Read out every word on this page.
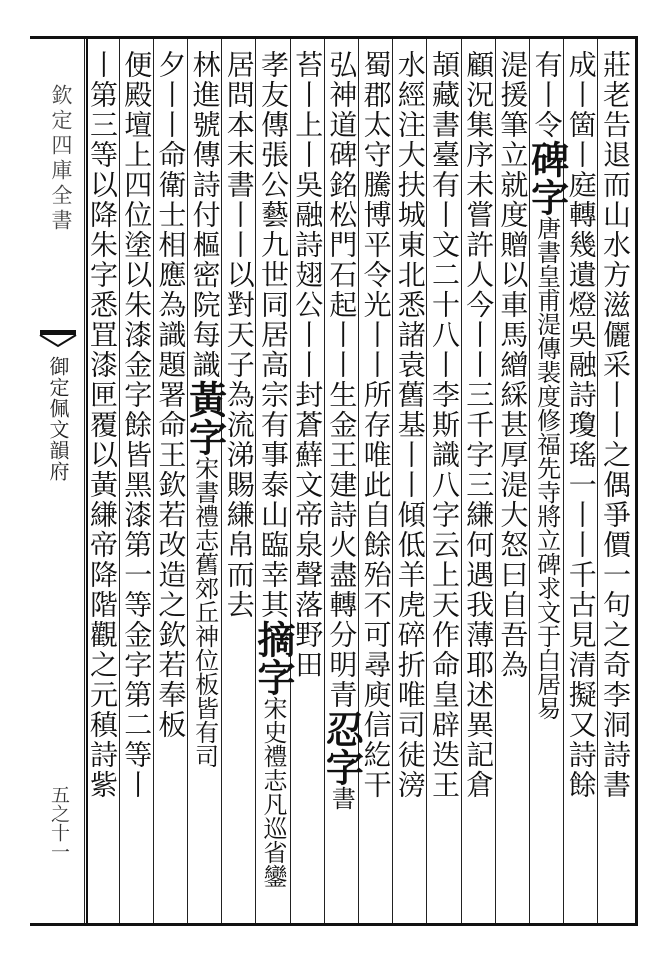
欽定四庫全書
御定佩文韻府
五之十一
莊老告退而山水方滋儷采丨丨之偶爭價一句之奇李洞詩書
成丨箇丨庭轉幾遺燈吳融詩瓊瑤一丨丨千古見清擬又詩餘
有丨令碑字唐書皇甫湜傳裴度修福先寺將立碑求文于白居易
湜援筆立就度贈以車馬繒綵甚厚湜大怒曰自吾為
顧況集序未嘗許人今丨丨三千字三縑何遇我薄耶述異記倉
頡藏書臺有丨文二十八丨李斯識八字云上天作命皇辟迭王
水經注大扶城東北悉諸袁舊基丨丨傾低羊虎碎折唯司徒滂
蜀郡太守騰博平令光丨丨所存唯此自餘殆不可尋庾信紇干
弘神道碑銘松門石起丨丨生金王建詩火盡轉分明青忍字書
苔丨上丨吳融詩翅公丨丨封蒼蘚文帝泉聲落野田
孝友傳張公藝九世同居高宗有事泰山臨幸其摘字宋史禮志凡巡省鑾
居問本末書丨丨以對天子為流涕賜縑帛而去
林進號傳詩付樞密院每識黃字宋書禮志舊郊丘神位板皆有司
夕丨丨命衛士相應為識題署命王欽若改造之欽若奉板
便殿壇上四位塗以朱漆金字餘皆黑漆第一等金字第二等丨
丨第三等以降朱字悉罝漆匣覆以黃縑帝降階觀之元稹詩紫
